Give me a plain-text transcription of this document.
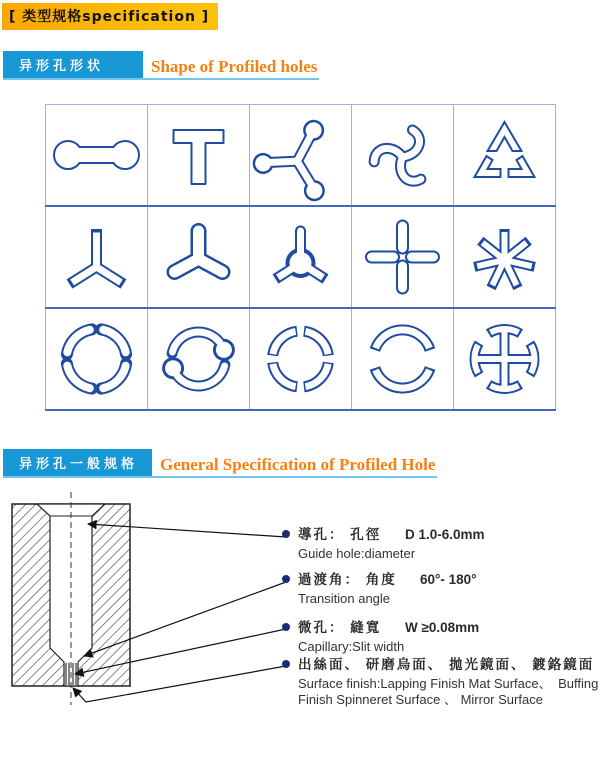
[ 类型规格specification ]

异形孔形状	Shape of Profiled holes

异形孔一般规格	General Specification of Profiled Hole
導孔： 孔徑 D 1.0-6.0mm
Guide hole:diameter
過渡角： 角度 60°- 180°
Transition angle
微孔： 縫寬 W ≥0.08mm
Capillary:Slit width
出絲面、 研磨烏面、 拋光鏡面、 鍍鉻鏡面
Surface finish:Lapping Finish Mat Surface、　Buffing Finish Spinneret Surface 、 Mirror Surface
